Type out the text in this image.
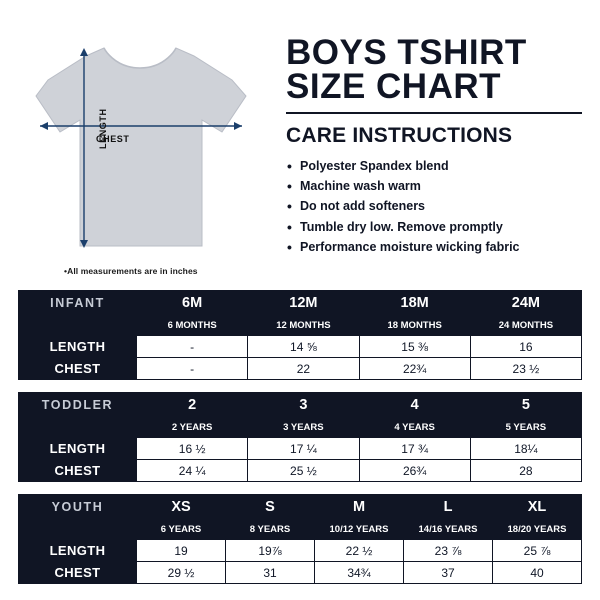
CHEST
LENGTH
•All measurements are in inches
BOYS TSHIRT
SIZE CHART
CARE INSTRUCTIONS
• Polyester Spandex blend
• Machine wash warm
• Do not add softeners
• Tumble dry low. Remove promptly
• Performance moisture wicking fabric
INFANT	6M	12M	18M	24M
	6 MONTHS	12 MONTHS	18 MONTHS	24 MONTHS
LENGTH	-	14 ⅝	15 ⅜	16
CHEST	-	22	22¾	23 ½
TODDLER	2	3	4	5
	2 YEARS	3 YEARS	4 YEARS	5 YEARS
LENGTH	16 ½	17 ¼	17 ¾	18¼
CHEST	24 ¼	25 ½	26¾	28
YOUTH	XS	S	M	L	XL
	6 YEARS	8 YEARS	10/12 YEARS	14/16 YEARS	18/20 YEARS
LENGTH	19	19⅞	22 ½	23 ⅞	25 ⅞
CHEST	29 ½	31	34¾	37	40
